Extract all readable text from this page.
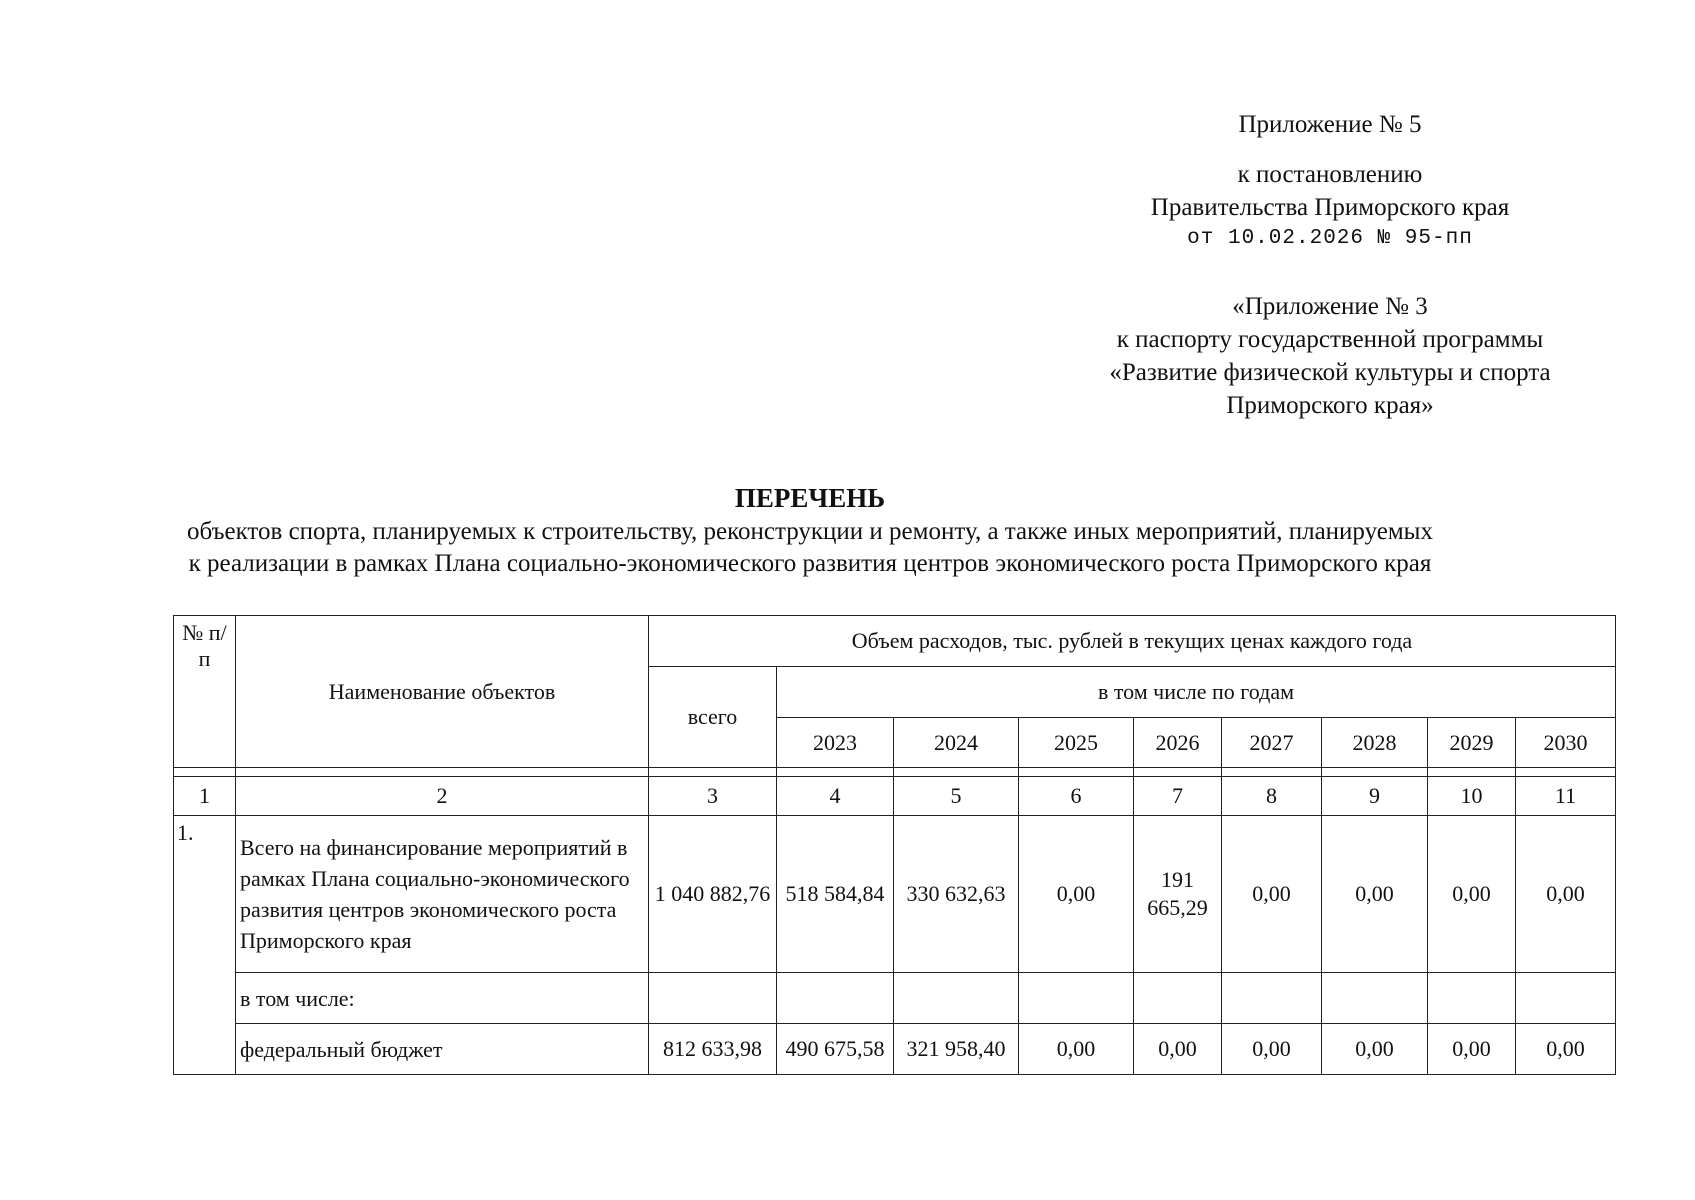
Приложение № 5
к постановлению
Правительства Приморского края
от 10.02.2026 № 95-пп
«Приложение № 3
к паспорту государственной программы
«Развитие физической культуры и спорта
Приморского края»
ПЕРЕЧЕНЬ
объектов спорта, планируемых к строительству, реконструкции и ремонту, а также иных мероприятий, планируемых
к реализации в рамках Плана социально-экономического развития центров экономического роста Приморского края
№ п/п	Наименование объектов	Объем расходов, тыс. рублей в текущих ценах каждого года								
		всего	в том числе по годам							
			2023	2024	2025	2026	2027	2028	2029	2030

1	2	3	4	5	6	7	8	9	10	11
1.	Всего на финансирование мероприятий в рамках Плана социально-экономического развития центров экономического роста Приморского края	1 040 882,76	518 584,84	330 632,63	0,00	191 665,29	0,00	0,00	0,00	0,00
	в том числе:									
	федеральный бюджет	812 633,98	490 675,58	321 958,40	0,00	0,00	0,00	0,00	0,00	0,00
